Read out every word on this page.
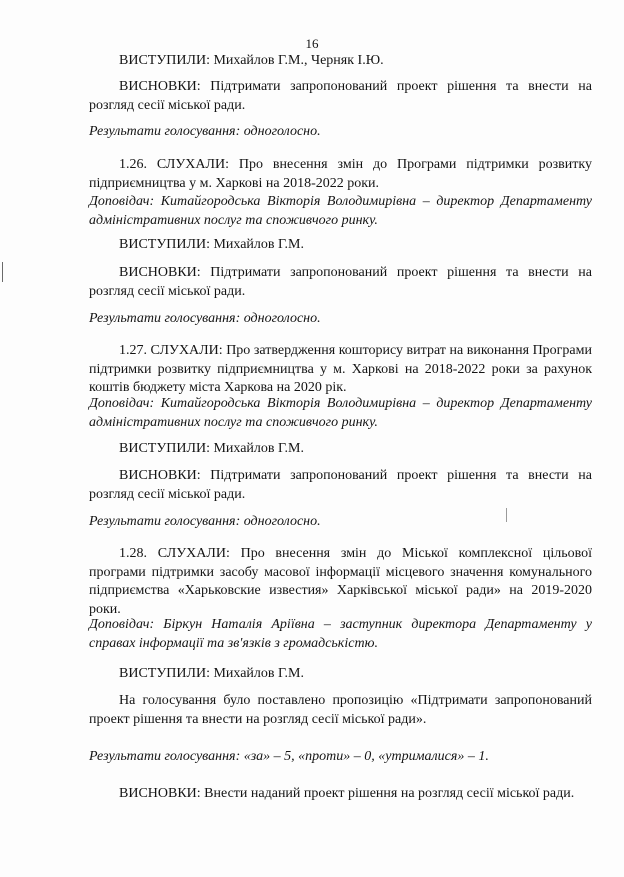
16

ВИСТУПИЛИ: Михайлов Г.М., Черняк І.Ю.

ВИСНОВКИ: Підтримати запропонований проект рішення та внести на розгляд сесії міської ради.

Результати голосування: одноголосно.

1.26. СЛУХАЛИ: Про внесення змін до Програми підтримки розвитку підприємництва у м. Харкові на 2018-2022 роки.

Доповідач: Китайгородська Вікторія Володимирівна – директор Департаменту адміністративних послуг та споживчого ринку.

ВИСТУПИЛИ: Михайлов Г.М.

ВИСНОВКИ: Підтримати запропонований проект рішення та внести на розгляд сесії міської ради.

Результати голосування: одноголосно.

1.27. СЛУХАЛИ: Про затвердження кошторису витрат на виконання Програми підтримки розвитку підприємництва у м. Харкові на 2018-2022 роки за рахунок коштів бюджету міста Харкова на 2020 рік.

Доповідач: Китайгородська Вікторія Володимирівна – директор Департаменту адміністративних послуг та споживчого ринку.

ВИСТУПИЛИ: Михайлов Г.М.

ВИСНОВКИ: Підтримати запропонований проект рішення та внести на розгляд сесії міської ради.

Результати голосування: одноголосно.

1.28. СЛУХАЛИ: Про внесення змін до Міської комплексної цільової програми підтримки засобу масової інформації місцевого значення комунального підприємства «Харьковские известия» Харківської міської ради» на 2019-2020 роки.

Доповідач: Біркун Наталія Аріївна – заступник директора Департаменту у справах інформації та зв'язків з громадськістю.

ВИСТУПИЛИ: Михайлов Г.М.

На голосування було поставлено пропозицію «Підтримати запропонований проект рішення та внести на розгляд сесії міської ради».

Результати голосування: «за» – 5, «проти» – 0, «утрималися» – 1.

ВИСНОВКИ: Внести наданий проект рішення на розгляд сесії міської ради.
